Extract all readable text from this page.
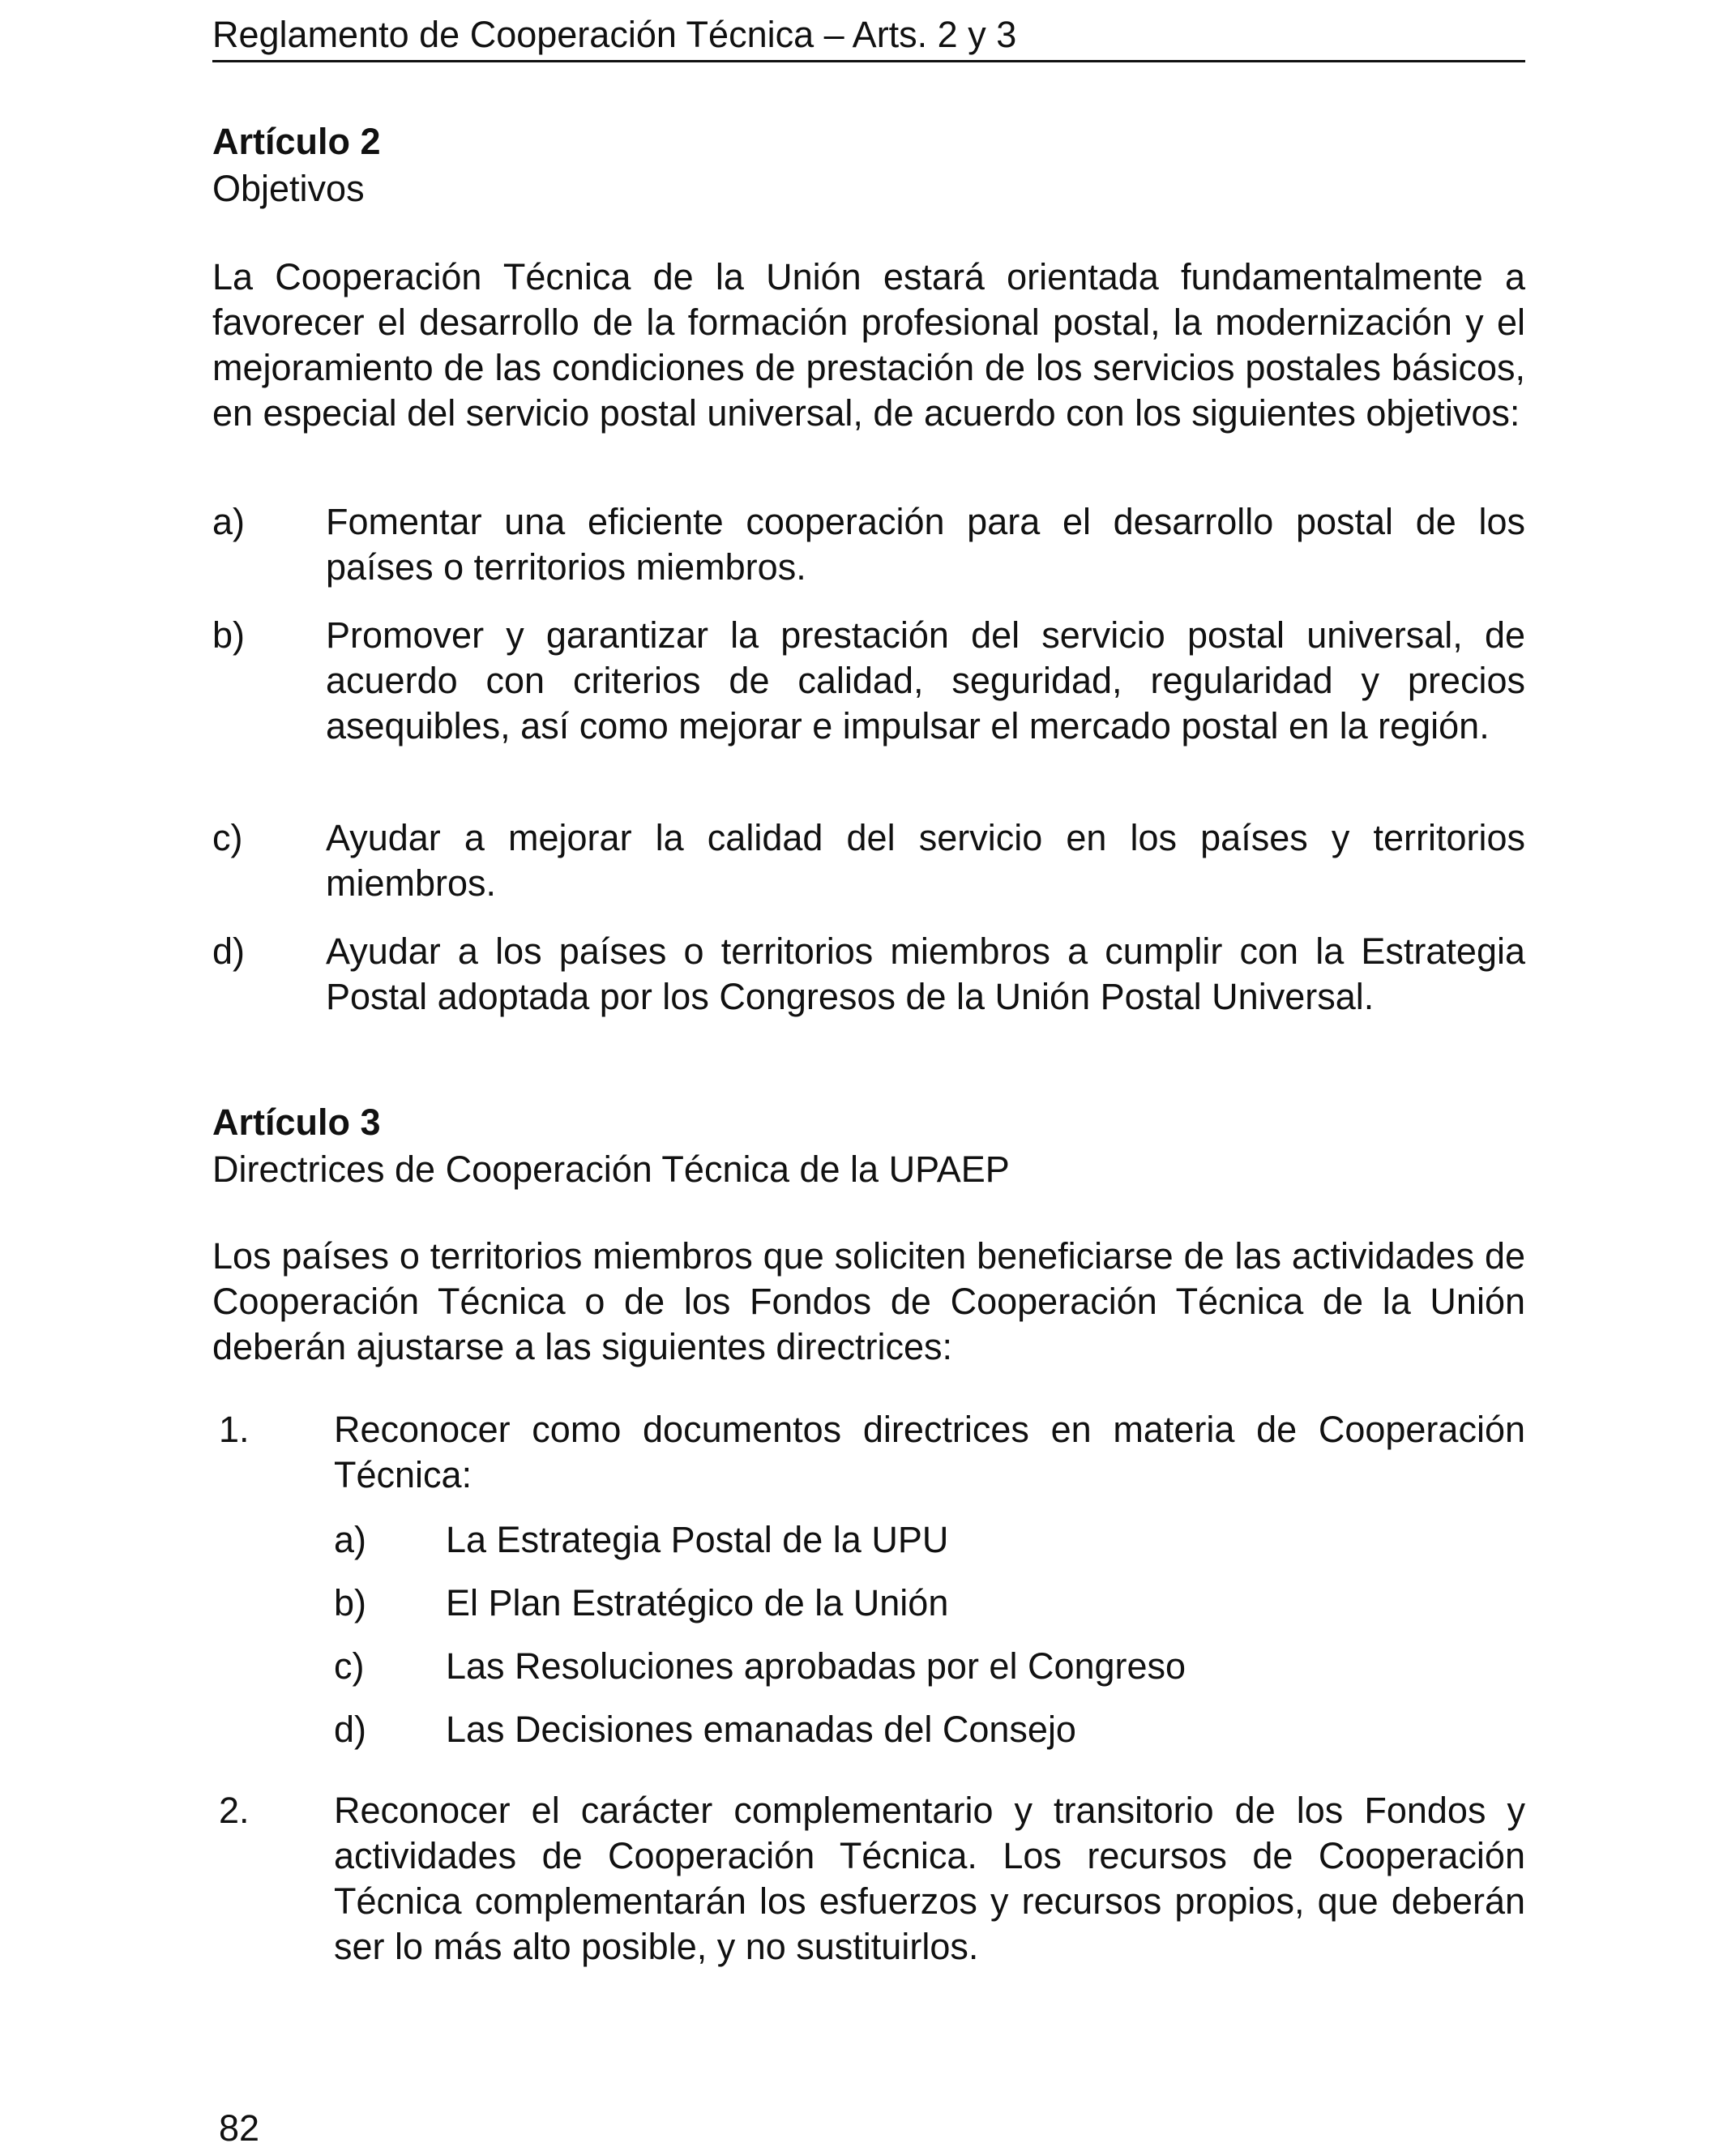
Reglamento de Cooperación Técnica – Arts. 2 y 3
Artículo 2
Objetivos

La Cooperación Técnica de la Unión estará orientada fundamentalmente a favorecer el desarrollo de la formación profesional postal, la modernización y el mejoramiento de las condiciones de prestación de los servicios postales básicos, en especial del servicio postal universal, de acuerdo con los siguientes objetivos:

a) Fomentar una eficiente cooperación para el desarrollo postal de los países o territorios miembros.

b) Promover y garantizar la prestación del servicio postal universal, de acuerdo con criterios de calidad, seguridad, regularidad y precios asequibles, así como mejorar e impulsar el mercado postal en la región.

c) Ayudar a mejorar la calidad del servicio en los países y territorios miembros.

d) Ayudar a los países o territorios miembros a cumplir con la Estrategia Postal adoptada por los Congresos de la Unión Postal Universal.

Artículo 3
Directrices de Cooperación Técnica de la UPAEP

Los países o territorios miembros que soliciten beneficiarse de las actividades de Cooperación Técnica o de los Fondos de Cooperación Técnica de la Unión deberán ajustarse a las siguientes directrices:

1. Reconocer como documentos directrices en materia de Cooperación Técnica:

a) La Estrategia Postal de la UPU

b) El Plan Estratégico de la Unión

c) Las Resoluciones aprobadas por el Congreso

d) Las Decisiones emanadas del Consejo

2. Reconocer el carácter complementario y transitorio de los Fondos y actividades de Cooperación Técnica. Los recursos de Cooperación Técnica complementarán los esfuerzos y recursos propios, que deberán ser lo más alto posible, y no sustituirlos.

82
